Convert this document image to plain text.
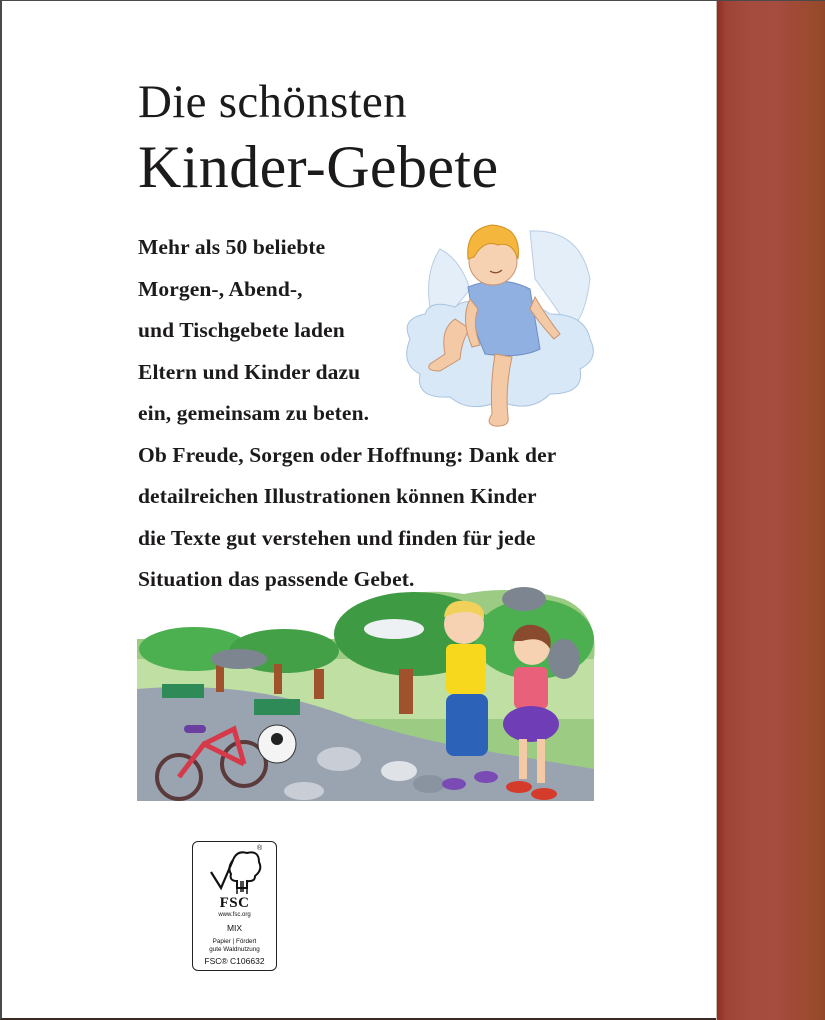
Die schönsten
Kinder-Gebete
Mehr als 50 beliebte
Morgen-, Abend-,
und Tischgebete laden
Eltern und Kinder dazu
ein, gemeinsam zu beten.
Ob Freude, Sorgen oder Hoffnung: Dank der
detailreichen Illustrationen können Kinder
die Texte gut verstehen und finden für jede
Situation das passende Gebet.
®
FSC
www.fsc.org
MIX
Papier | Fördert
gute Waldnutzung
FSC® C106632
